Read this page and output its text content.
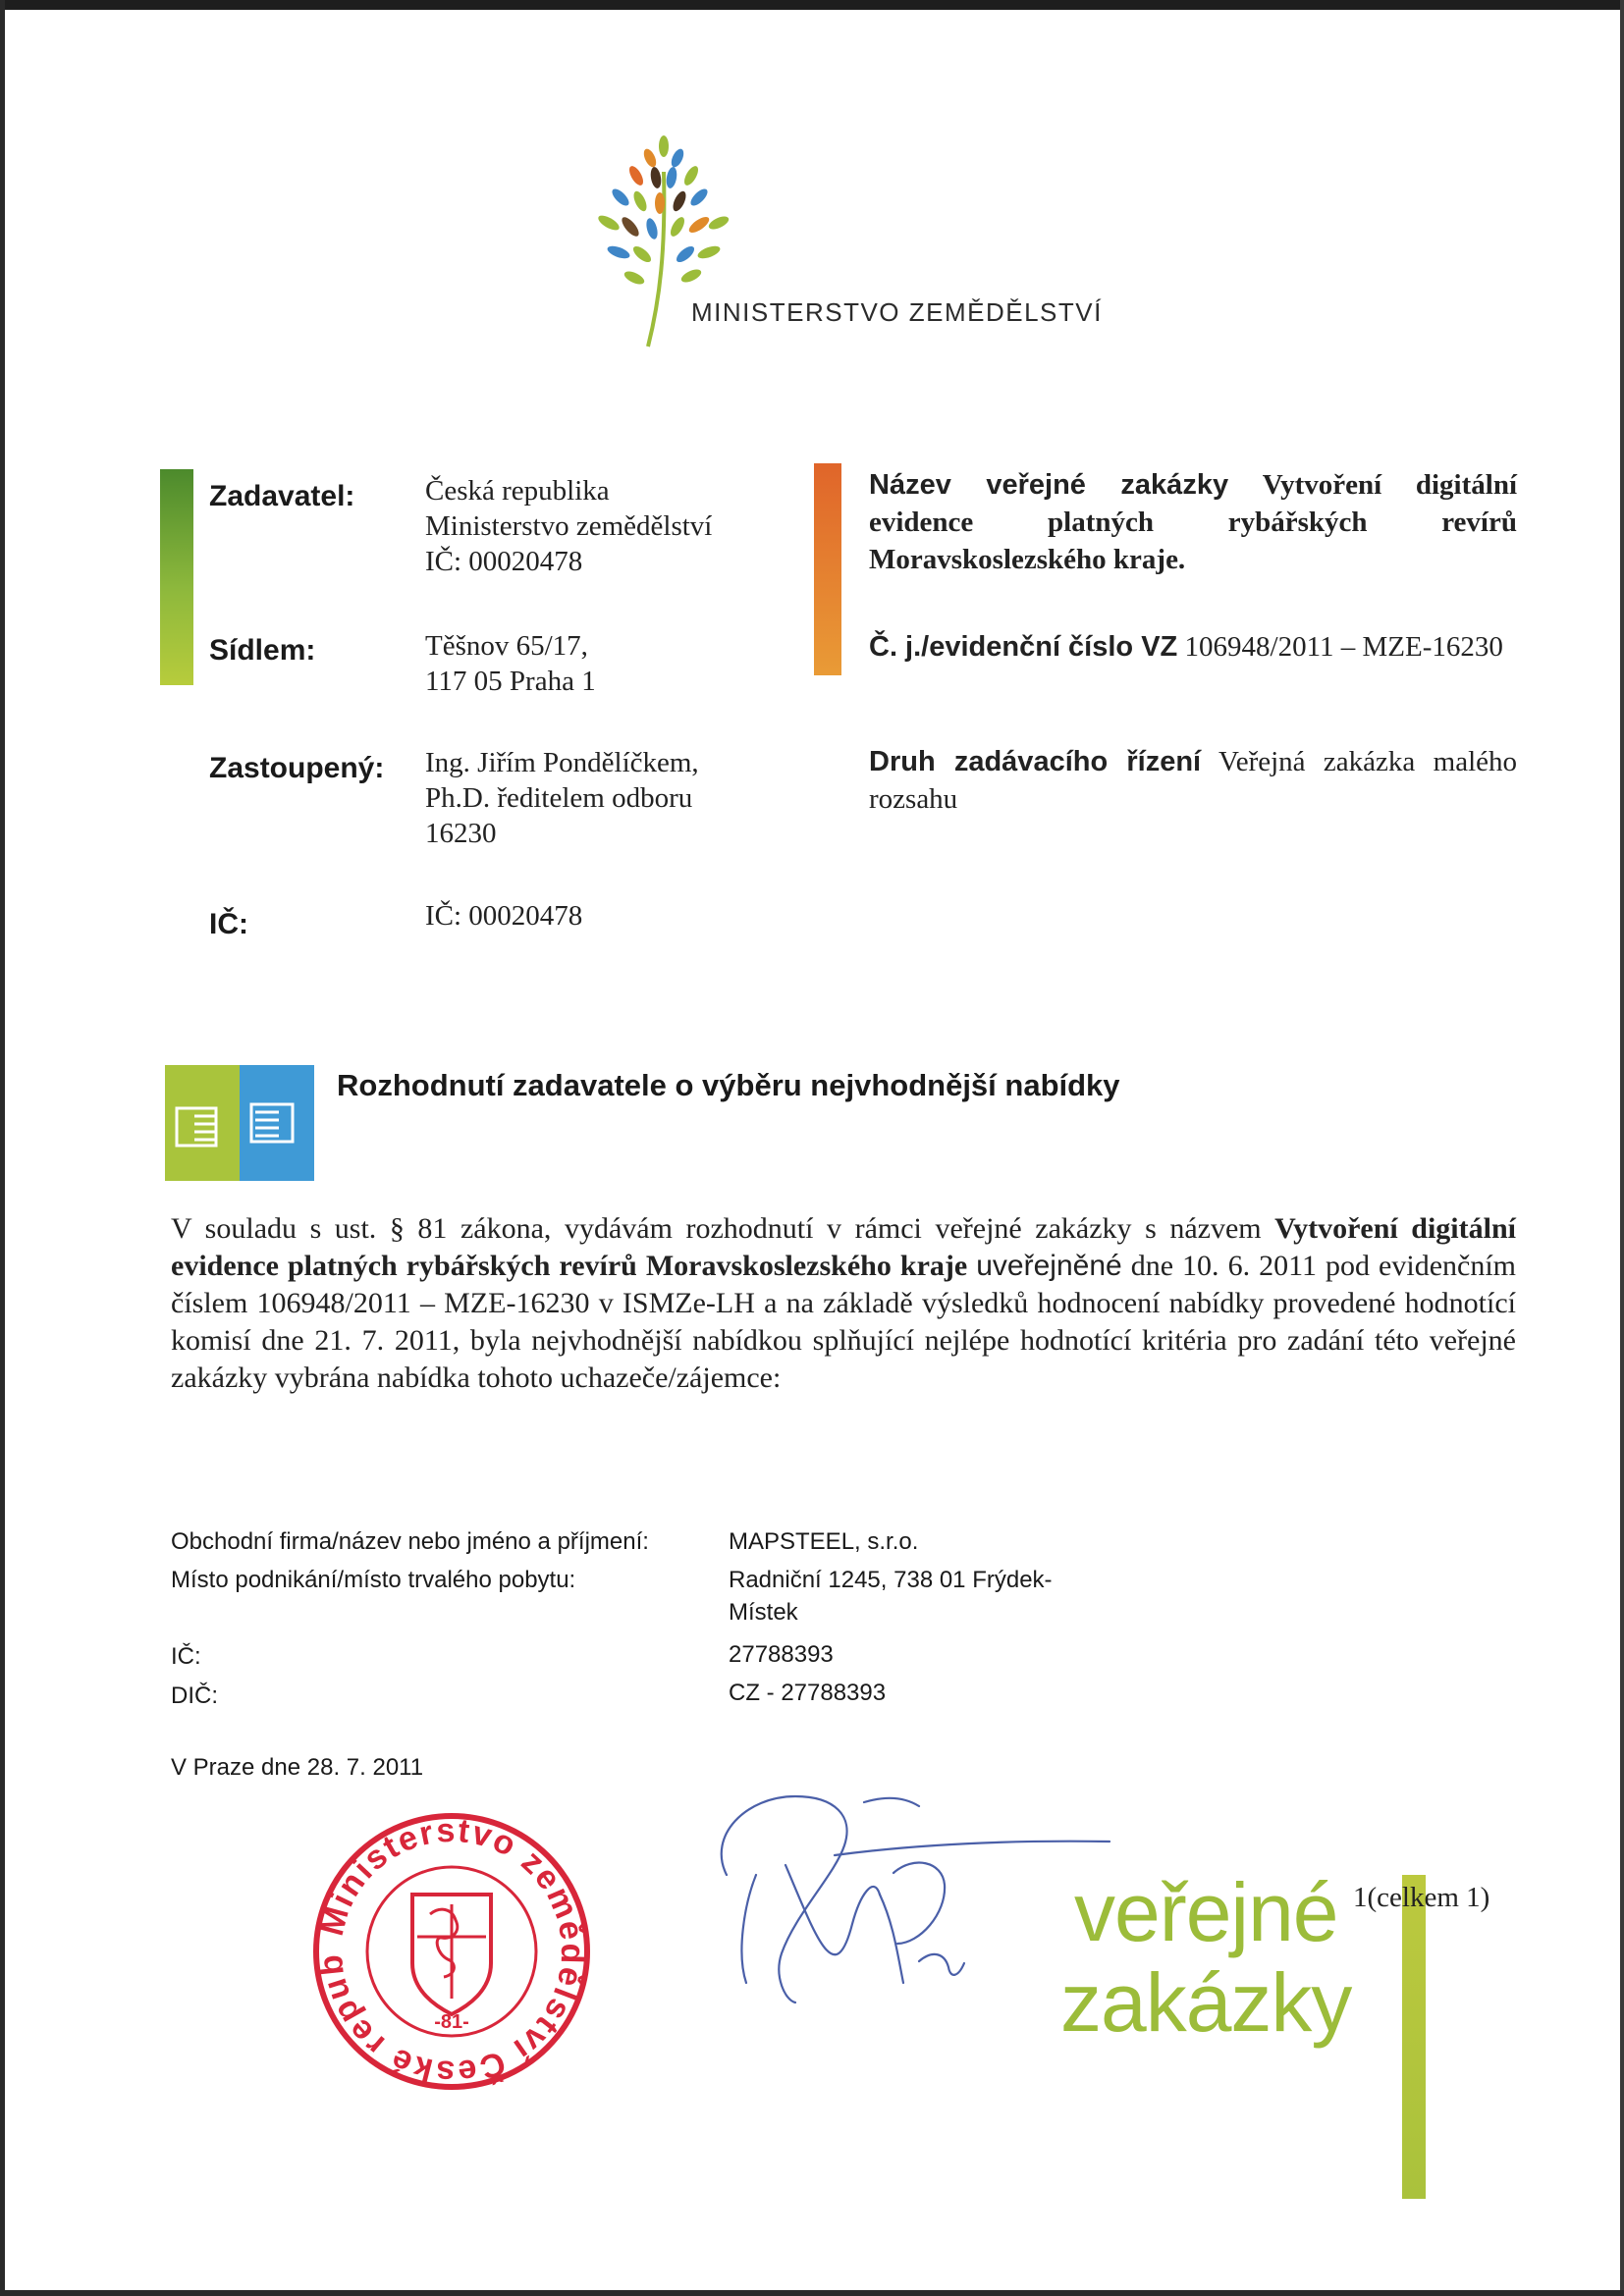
MINISTERSTVO ZEMĚDĚLSTVÍ
Zadavatel: Česká republika
Ministerstvo zemědělství
IČ: 00020478
Sídlem:	Těšnov 65/17,
117 05 Praha 1
Zastoupený: Ing. Jiřím Pondělíčkem,
Ph.D. ředitelem odboru
16230
IČ:	IČ: 00020478
Název veřejné zakázky Vytvoření digitální evidence platných rybářských revírů Moravskoslezského kraje.
Č. j./evidenční číslo VZ 106948/2011 – MZE-16230
Druh zadávacího řízení Veřejná zakázka malého rozsahu
Rozhodnutí zadavatele o výběru nejvhodnější nabídky
V souladu s ust. § 81 zákona, vydávám rozhodnutí v rámci veřejné zakázky s názvem Vytvoření digitální evidence platných rybářských revírů Moravskoslezského kraje uveřejněné dne 10. 6. 2011 pod evidenčním číslem 106948/2011 – MZE-16230 v ISMZe-LH a na základě výsledků hodnocení nabídky provedené hodnotící komisí dne 21. 7. 2011, byla nejvhodnější nabídkou splňující nejlépe hodnotící kritéria pro zadání této veřejné zakázky vybrána nabídka tohoto uchazeče/zájemce:
Obchodní firma/název nebo jméno a příjmení:	MAPSTEEL, s.r.o.
Místo podnikání/místo trvalého pobytu:	Radniční 1245, 738 01 Frýdek-
Místek
IČ:	27788393
DIČ:	CZ - 27788393
V Praze dne 28. 7. 2011
Ministerstvo zemědělství České repub
-81-
veřejné
zakázky
1(celkem 1)
